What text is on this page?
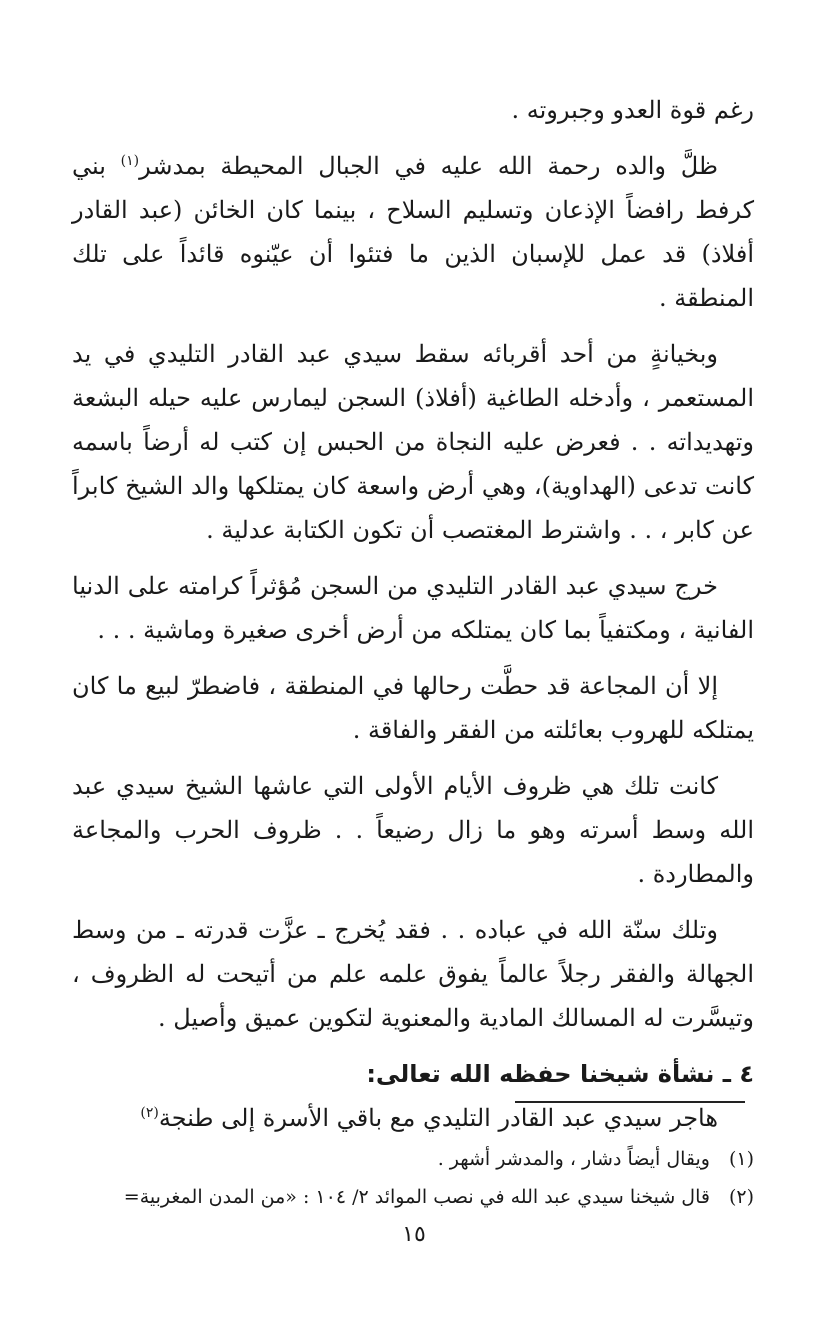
رغم قوة العدو وجبروته .

ظلَّ والده رحمة الله عليه في الجبال المحيطة بمدشر$^{(١)}$ بني كرفط رافضاً الإذعان وتسليم السلاح ، بينما كان الخائن (عبد القادر أفلاذ) قد عمل للإسبان الذين ما فتئوا أن عيّنوه قائداً على تلك المنطقة .

وبخيانةٍ من أحد أقربائه سقط سيدي عبد القادر التليدي في يد المستعمر ، وأدخله الطاغية (أفلاذ) السجن ليمارس عليه حيله البشعة وتهديداته . . فعرض عليه النجاة من الحبس إن كتب له أرضاً باسمه كانت تدعى (الهداوية)، وهي أرض واسعة كان يمتلكها والد الشيخ كابراً عن كابر ، . . واشترط المغتصب أن تكون الكتابة عدلية .

خرج سيدي عبد القادر التليدي من السجن مُؤثراً كرامته على الدنيا الفانية ، ومكتفياً بما كان يمتلكه من أرض أخرى صغيرة وماشية . . .

إلا أن المجاعة قد حطَّت رحالها في المنطقة ، فاضطرّ لبيع ما كان يمتلكه للهروب بعائلته من الفقر والفاقة .

كانت تلك هي ظروف الأيام الأولى التي عاشها الشيخ سيدي عبد الله وسط أسرته وهو ما زال رضيعاً . . ظروف الحرب والمجاعة والمطاردة .

وتلك سنّة الله في عباده . . فقد يُخرج ـ عزَّت قدرته ـ من وسط الجهالة والفقر رجلاً عالماً يفوق علمه علم من أتيحت له الظروف ، وتيسَّرت له المسالك المادية والمعنوية لتكوين عميق وأصيل .

٤ ـ نشأة شيخنا حفظه الله تعالى:

هاجر سيدي عبد القادر التليدي مع باقي الأسرة إلى طنجة$^{(٢)}$

(١)ويقال أيضاً دشار ، والمدشر أشهر .
(٢)قال شيخنا سيدي عبد الله في نصب الموائد ٢/ ١٠٤ : «من المدن المغربية=
١٥
